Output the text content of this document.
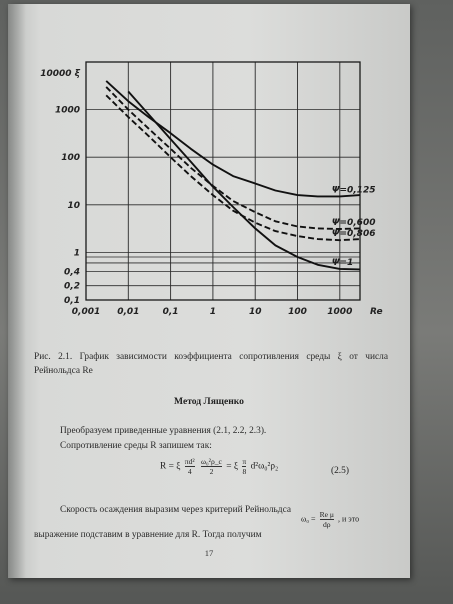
1000
100
10
1
0,4
0,2
0,1
10000 ξ
0,001 0,01	0,1	1	10	100 1000 Re
Ψ=0,125
Ψ=0,600
Ψ=0,806
Ψ=1
Рис. 2.1. График зависимости коэффициента сопротивления среды ξ от числа Рейнольдса Re
Метод Лященко
Преобразуем приведенные уравнения (2.1, 2.2, 2.3).
Сопротивление среды R запишем так:
R = ξ $\frac{\text{πd²}}{4}$
$\frac{\text{ω₀²ρ\_с}}{2} = \xi \frac{\pi}{8} d^2\omega_0^2\rho_2$	(2.5)
Скорость осаждения выразим через критерий Рейнольдса
$\omega_0 = \frac{\text{Re μ}}{d\rho}$ , и это
выражение подставим в уравнение для R. Тогда получим
17
